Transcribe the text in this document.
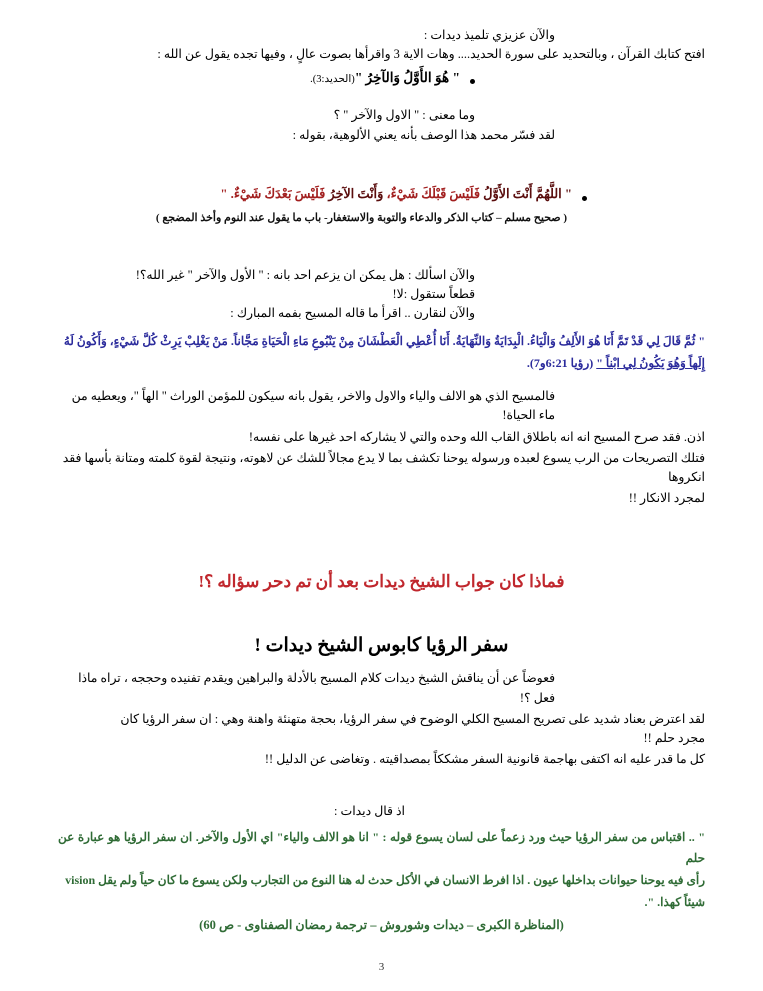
والآن عزيزي تلميذ ديدات :
افتح كتابك القرآن ، وبالتحديد على سورة الحديد.... وهات الاية 3 واقرأها بصوت عالٍ ، وفيها تجده يقول عن الله :
" هُوَ الأَوَّلُ وَالآخِرُ "(الحديد:3).
وما معنى : " الاول والآخر " ؟
لقد فسّر محمد هذا الوصف بأنه يعني الألوهية، بقوله :
" اللَّهُمَّ أَنْتَ الأَوَّلُ فَلَيْسَ قَبْلَكَ شَيْءٌ، وَأَنْتَ الآخِرُ فَلَيْسَ بَعْدَكَ شَيْءٌ. "
( صحيح مسلم – كتاب الذكر والدعاء والتوبة والاستغفار- باب ما يقول عند النوم وأخذ المضجع )
والآن اسألك : هل يمكن ان يزعم احد بانه : " الأول والآخر " غير الله؟!
قطعاً ستقول :لا!
والآن لنقارن .. اقرأ ما قاله المسيح بفمه المبارك :
" ثُمَّ قَالَ لِي قَدْ تَمَّ أَنَا هُوَ الأَلِفُ وَالْيَاءُ. الْبِدَايَةُ وَالنِّهَايَةُ. أَنَا أُعْطِي الْعَطْشَانَ مِنْ يَنْبُوعِ مَاءِ الْحَيَاةِ مَجَّاناً. مَنْ يَغْلِبْ يَرِثْ كُلَّ شَيْءٍ، وَأَكُونُ لَهُ
إِلَهاً وَهُوَ يَكُونُ لِي ابْناً " (رؤيا 6:21و7).
فالمسيح الذي هو الالف والياء والاول والاخر، يقول بانه سيكون للمؤمن الوراث " الهاً "، ويعطيه من ماء الحياة!
اذن. فقد صرح المسيح انه انه باطلاق القاب الله وحده والتي لا يشاركه احد غيرها على نفسه!
فتلك التصريحات من الرب يسوع لعبده ورسوله يوحنا تكشف بما لا يدع مجالاً للشك عن لاهوته، ونتيجة لقوة كلمته ومتانة بأسها فقد انكروها
لمجرد الانكار !!
فماذا كان جواب الشيخ ديدات بعد أن تم دحر سؤاله ؟!
سفر الرؤيا كابوس الشيخ ديدات !
فعوضاً عن أن يناقش الشيخ ديدات كلام المسيح بالأدلة والبراهين ويقدم تفنيده وحججه ، تراه ماذا فعل ؟!
لقد اعترض بعناد شديد على تصريح المسيح الكلي الوضوح في سفر الرؤيا، بحجة متهنئة واهنة وهي : ان سفر الرؤيا كان مجرد حلم !!
كل ما قدر عليه انه اكتفى بهاجمة قانونية السفر مشككاً بمصداقيته . وتغاضى عن الدليل !!
اذ قال ديدات :
" .. اقتباس من سفر الرؤيا حيث ورد زعماً على لسان يسوع قوله : " انا هو الالف والياء" اي الأول والآخر. ان سفر الرؤيا هو عبارة عن حلم
رأى فيه يوحنا حيوانات بداخلها عيون . اذا افرط الانسان في الأكل حدث له هنا النوع من التجارب ولكن يسوع ما كان حياً ولم يقل vision
شيئاً كهذا. ".
(المناظرة الكبرى – ديدات وشوروش – ترجمة رمضان الصفناوى - ص 60)
3
